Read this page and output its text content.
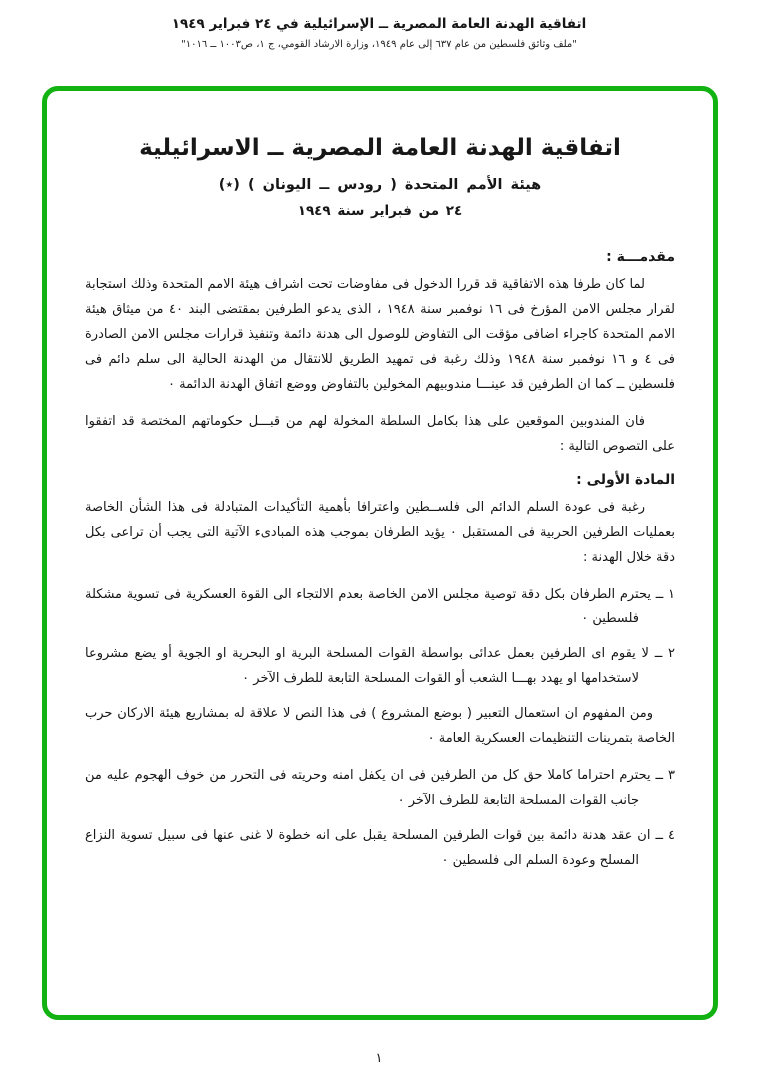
اتفاقية الهدنة العامة المصرية ــ الإسرائيلية في ٢٤ فبراير ١٩٤٩
"ملف وثائق فلسطين من عام ٦٣٧ إلى عام ١٩٤٩، وزارة الارشاد القومي، ج ١، ص١٠٠٣ ــ ١٠١٦"
اتفاقية الهدنة العامة المصرية ــ الاسرائيلية
هيئة الأمم المتحدة ( رودس ــ اليونان ) (٭)
٢٤ من فبراير سنة ١٩٤٩
مقدمـــة :

لما كان طرفا هذه الاتفاقية قد قررا الدخول فى مفاوضات تحت اشراف هيئة الامم المتحدة وذلك استجابة لقرار مجلس الامن المؤرخ فى ١٦ نوفمبر سنة ١٩٤٨ ، الذى يدعو الطرفين بمقتضى البند ٤٠ من ميثاق هيئة الامم المتحدة كاجراء اضافى مؤقت الى التفاوض للوصول الى هدنة دائمة وتنفيذ قرارات مجلس الامن الصادرة فى ٤ و ١٦ نوفمبر سنة ١٩٤٨ وذلك رغبة فى تمهيد الطريق للانتقال من الهدنة الحالية الى سلم دائم فى فلسطين ــ كما ان الطرفين قد عينـــا مندوبيهم المخولين بالتفاوض ووضع اتفاق الهدنة الدائمة ٠

فان المندوبين الموقعين على هذا بكامل السلطة المخولة لهم من قبـــل حكوماتهم المختصة قد اتفقوا على التصوص التالية :

المادة الأولى :

رغبة فى عودة السلم الدائم الى فلســطين واعترافا بأهمية التأكيدات المتبادلة فى هذا الشأن الخاصة بعمليات الطرفين الحربية فى المستقبل ٠ يؤيد الطرفان بموجب هذه المبادىء الآتية التى يجب أن تراعى بكل دقة خلال الهدنة :

١ ــ يحترم الطرفان بكل دقة توصية مجلس الامن الخاصة بعدم الالتجاء الى القوة العسكرية فى تسوية مشكلة فلسطين ٠

٢ ــ لا يقوم اى الطرفين بعمل عدائى بواسطة القوات المسلحة البرية او البحرية او الجوية أو يضع مشروعا لاستخدامها او يهدد بهـــا الشعب أو القوات المسلحة التابعة للطرف الآخر ٠

ومن المفهوم ان استعمال التعبير ( بوضع المشروع ) فى هذا النص لا علاقة له بمشاريع هيئة الاركان حرب الخاصة بتمرينات التنظيمات العسكرية العامة ٠

٣ ــ يحترم احتراما كاملا حق كل من الطرفين فى ان يكفل امنه وحريته فى التحرر من خوف الهجوم عليه من جانب القوات المسلحة التابعة للطرف الآخر ٠

٤ ــ ان عقد هدنة دائمة بين قوات الطرفين المسلحة يقبل على انه خطوة لا غنى عنها فى سبيل تسوية النزاع المسلح وعودة السلم الى فلسطين ٠

١
